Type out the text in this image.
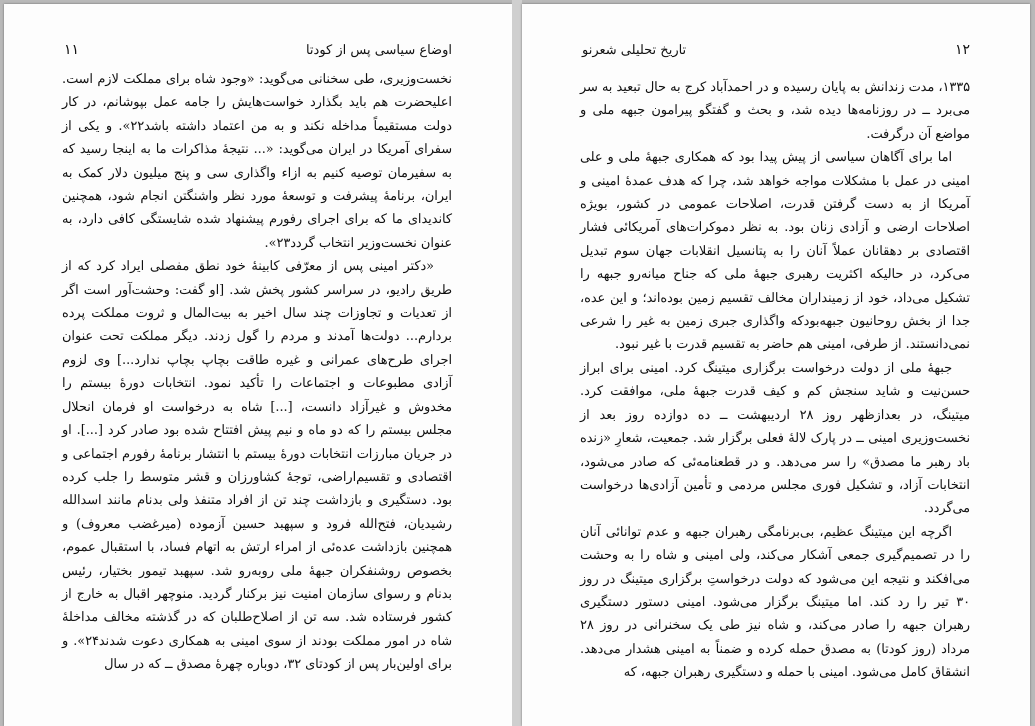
اوضاع سیاسی پس از کودتا
۱۱

نخست‌وزیری، طی سخنانی می‌گوید: «وجود شاه برای مملکت لازم است. اعلیحضرت هم باید بگذارد خواست‌هایش را جامه عمل بپوشانم، در کار دولت مستقیماً مداخله نکند و به من اعتماد داشته باشد۲۲». و یکی از سفرای آمریکا در ایران می‌گوید: «... نتیجهٔ مذاکرات ما به اینجا رسید که به سفیرمان توصیه کنیم به ازاء واگذاری سی و پنج میلیون دلار کمک به ایران، برنامهٔ پیشرفت و توسعهٔ مورد نظر واشنگتن انجام شود، همچنین کاندیدای ما که برای اجرای رفورم پیشنهاد شده شایستگی کافی دارد، به عنوان نخست‌وزیر انتخاب گردد۲۳».

«دکتر امینی پس از معرّفی کابینهٔ خود نطق مفصلی ایراد کرد که از طریق رادیو، در سراسر کشور پخش شد. [او گفت: وحشت‌آور است اگر از تعدیات و تجاوزات چند سال اخیر به بیت‌المال و ثروت مملکت پرده بردارم... دولت‌ها آمدند و مردم را گول زدند. دیگر مملکت تحت عنوان اجرای طرح‌های عمرانی و غیره طاقت بچاپ بچاپ ندارد...] وی لزوم آزادی مطبوعات و اجتماعات را تأکید نمود. انتخابات دورهٔ بیستم را مخدوش و غیرآزاد دانست، [...] شاه به درخواست او فرمان انحلال مجلس بیستم را که دو ماه و نیم پیش افتتاح شده بود صادر کرد [...]. او در جریان مبارزات انتخابات دورهٔ بیستم با انتشار برنامهٔ رفورم اجتماعی و اقتصادی و تقسیم‌اراضی، توجهٔ کشاورزان و قشر متوسط را جلب کرده بود. دستگیری و بازداشت چند تن از افراد متنفذ ولی بدنام مانند اسدالله رشیدیان، فتح‌الله فرود و سپهبد حسین آزموده (میرغضب معروف) و همچنین بازداشت عده‌ئی از امراء ارتش به اتهام فساد، با استقبال عموم، بخصوص روشنفکران جبههٔ ملی روبه‌رو شد. سپهبد تیمور بختیار، رئیس بدنام و رسوای سازمان امنیت نیز برکنار گردید. منوچهر اقبال به خارج از کشور فرستاده شد. سه تن از اصلاح‌طلبان که در گذشته مخالف مداخلهٔ شاه در امور مملکت بودند از سوی امینی به همکاری دعوت شدند۲۴». و برای اولین‌بار پس از کودتای ۳۲، دوباره چهرهٔ مصدق ــ که در سال

۱۲
تاریخ تحلیلی شعرنو

۱۳۳۵، مدت زندانش به پایان رسیده و در احمدآباد کرج به حال تبعید به سر می‌برد ــ در روزنامه‌ها دیده شد، و بحث و گفتگو پیرامون جبهه ملی و مواضع آن درگرفت.

اما برای آگاهان سیاسی از پیش پیدا بود که همکاری جبههٔ ملی و علی امینی در عمل با مشکلات مواجه خواهد شد، چرا که هدف عمدهٔ امینی و آمریکا از به دست گرفتن قدرت، اصلاحات عمومی در کشور، بویژه اصلاحات ارضی و آزادی زنان بود. به نظر دموکرات‌های آمریکائی فشار اقتصادی بر دهقانان عملاً آنان را به پتانسیل انقلابات جهان سوم تبدیل می‌کرد، در حالیکه اکثریت رهبری جبههٔ ملی که جناح میانه‌رو جبهه را تشکیل می‌داد، خود از زمینداران مخالف تقسیم زمین بوده‌اند؛ و این عده، جدا از بخش روحانیون جبهه‌بودکه واگذاری جبری زمین به غیر را شرعی نمی‌دانستند. از طرفی، امینی هم حاضر به تقسیم قدرت با غیر نبود.

جبههٔ ملی از دولت درخواست برگزاری میتینگ کرد. امینی برای ابراز حسن‌نیت و شاید سنجش کم و کیف قدرت جبههٔ ملی، موافقت کرد. میتینگ، در بعدازظهر روز ۲۸ اردیبهشت ــ ده دوازده روز بعد از نخست‌وزیری امینی ــ در پارک لالهٔ فعلی برگزار شد. جمعیت، شعارِ «زنده باد رهبر ما مصدق» را سر می‌دهد. و در قطعنامه‌ئی که صادر می‌شود، انتخابات آزاد، و تشکیل فوری مجلس مردمی و تأمین آزادی‌ها درخواست می‌گردد.

اگرچه این میتینگ عظیم، بی‌برنامگی رهبران جبهه و عدم توانائی آنان را در تصمیم‌گیری جمعی آشکار می‌کند، ولی امینی و شاه را به وحشت می‌افکند و نتیجه این می‌شود که دولت درخواستِ برگزاری میتینگ در روز ۳۰ تیر را رد کند. اما میتینگ برگزار می‌شود. امینی دستور دستگیری رهبران جبهه را صادر می‌کند، و شاه نیز طی یک سخنرانی در روز ۲۸ مرداد (روز کودتا) به مصدق حمله کرده و ضمناً به امینی هشدار می‌دهد. انشقاق کامل می‌شود. امینی با حمله و دستگیری رهبران جبهه، که
